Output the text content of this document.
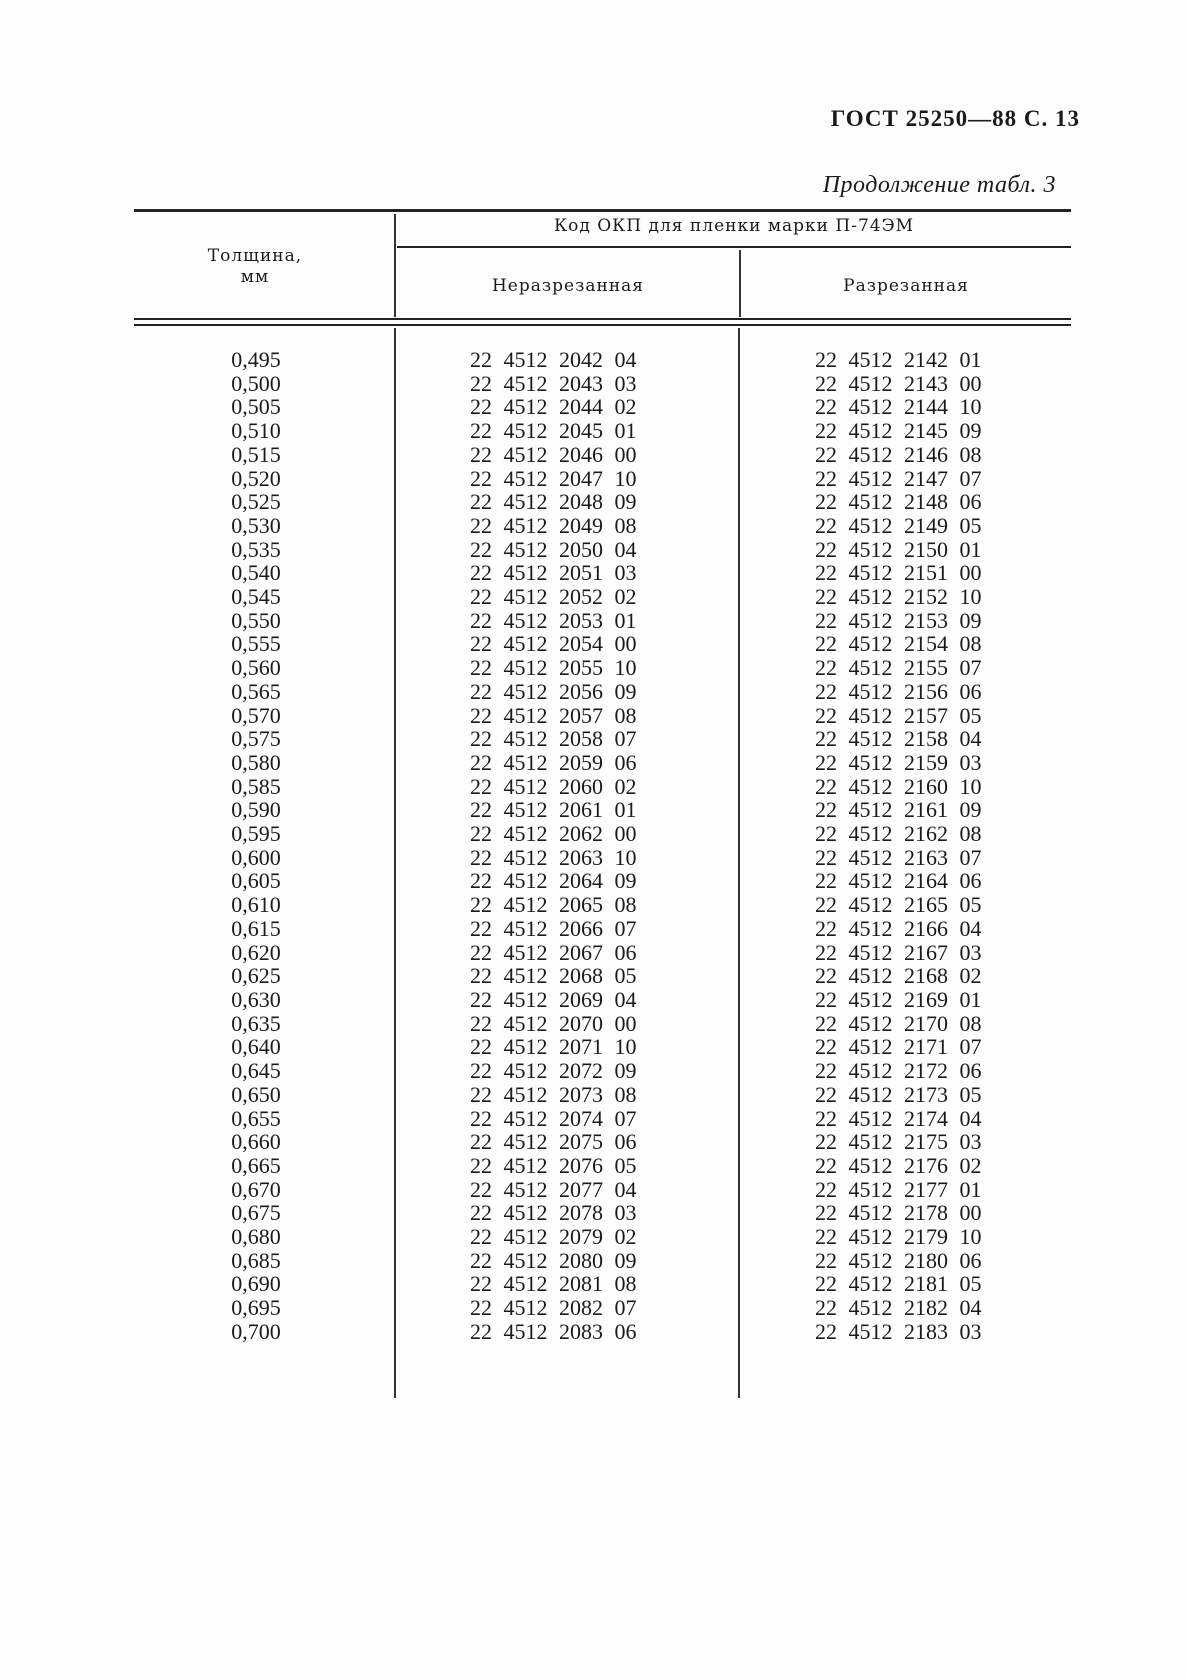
ГОСТ 25250—88 С. 13
Продолжение табл. 3
Толщина,
мм
Код ОКП для пленки марки П-74ЭМ
Неразрезанная	Разрезанная
0,495
0,500
0,505
0,510
0,515
0,520
0,525
0,530
0,535
0,540
0,545
0,550
0,555
0,560
0,565
0,570
0,575
0,580
0,585
0,590
0,595
0,600
0,605
0,610
0,615
0,620
0,625
0,630
0,635
0,640
0,645
0,650
0,655
0,660
0,665
0,670
0,675
0,680
0,685
0,690
0,695
0,700
22 4512 2042 04
22 4512 2043 03
22 4512 2044 02
22 4512 2045 01
22 4512 2046 00
22 4512 2047 10
22 4512 2048 09
22 4512 2049 08
22 4512 2050 04
22 4512 2051 03
22 4512 2052 02
22 4512 2053 01
22 4512 2054 00
22 4512 2055 10
22 4512 2056 09
22 4512 2057 08
22 4512 2058 07
22 4512 2059 06
22 4512 2060 02
22 4512 2061 01
22 4512 2062 00
22 4512 2063 10
22 4512 2064 09
22 4512 2065 08
22 4512 2066 07
22 4512 2067 06
22 4512 2068 05
22 4512 2069 04
22 4512 2070 00
22 4512 2071 10
22 4512 2072 09
22 4512 2073 08
22 4512 2074 07
22 4512 2075 06
22 4512 2076 05
22 4512 2077 04
22 4512 2078 03
22 4512 2079 02
22 4512 2080 09
22 4512 2081 08
22 4512 2082 07
22 4512 2083 06
22 4512 2142 01
22 4512 2143 00
22 4512 2144 10
22 4512 2145 09
22 4512 2146 08
22 4512 2147 07
22 4512 2148 06
22 4512 2149 05
22 4512 2150 01
22 4512 2151 00
22 4512 2152 10
22 4512 2153 09
22 4512 2154 08
22 4512 2155 07
22 4512 2156 06
22 4512 2157 05
22 4512 2158 04
22 4512 2159 03
22 4512 2160 10
22 4512 2161 09
22 4512 2162 08
22 4512 2163 07
22 4512 2164 06
22 4512 2165 05
22 4512 2166 04
22 4512 2167 03
22 4512 2168 02
22 4512 2169 01
22 4512 2170 08
22 4512 2171 07
22 4512 2172 06
22 4512 2173 05
22 4512 2174 04
22 4512 2175 03
22 4512 2176 02
22 4512 2177 01
22 4512 2178 00
22 4512 2179 10
22 4512 2180 06
22 4512 2181 05
22 4512 2182 04
22 4512 2183 03
